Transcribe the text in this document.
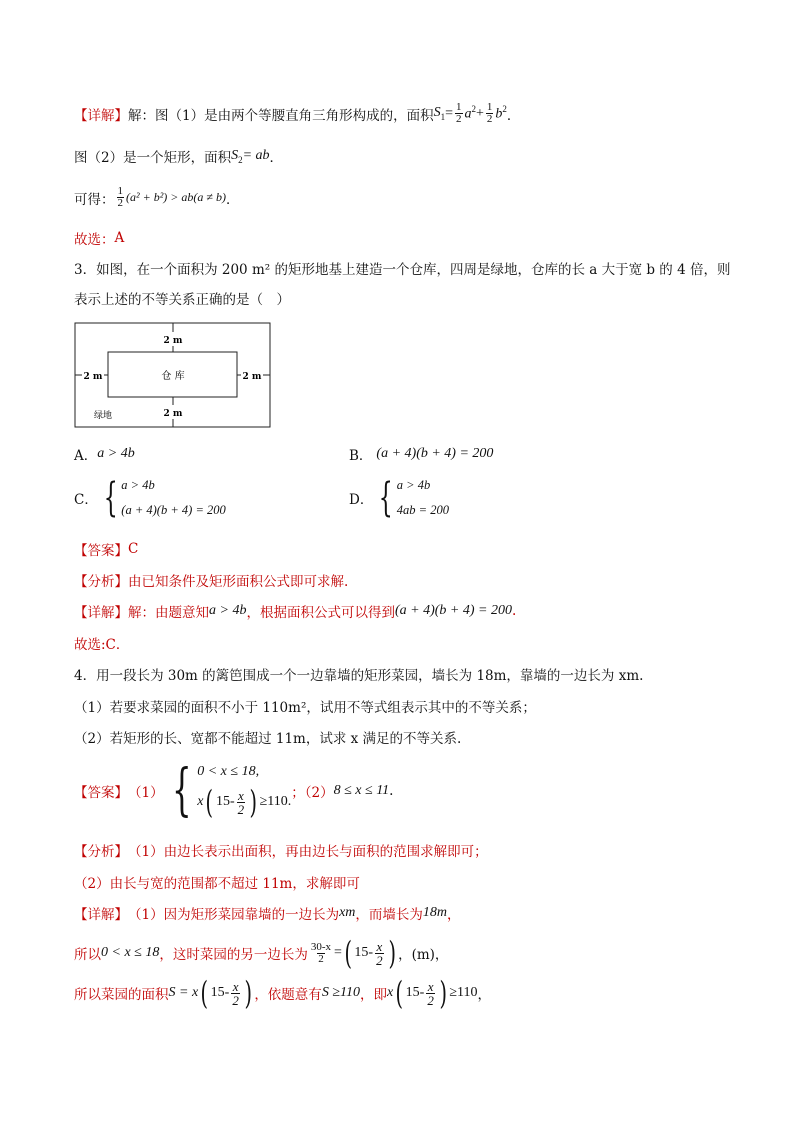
【详解】 解：图（1）是由两个等腰直角三角形构成的，面积 $S_1 = \frac{1}{2} a^2 + \frac{1}{2} b^2$ ．
图（2）是一个矩形，面积 $S_2$ = ab ．
可得： $\frac{1}{2} (a^2 + b^2) > ab(a \ne b)$ ．
故选： A
3．如图，在一个面积为 200 m² 的矩形地基上建造一个仓库，四周是绿地，仓库的长 a 大于宽 b 的 4 倍，则
表示上述的不等关系正确的是（　）
2 m
2 m	2 m
2 m
仓 库
绿地
A． a > 4b	B． (a + 4)(b + 4) = 200
C． { a > 4b
(a + 4)(b + 4) = 200
D． { a > 4b
4ab = 200
【答案】 C
【分析】 由已知条件及矩形面积公式即可求解.
【详解】 解：由题意知 a > 4b ，根据面积公式可以得到 (a + 4)(b + 4) = 200 .
故选:C．
4．用一段长为 30m 的篱笆围成一个一边靠墙的矩形菜园，墙长为 18m，靠墙的一边长为 xm.
（1）若要求菜园的面积不小于 110m²，试用不等式组表示其中的不等关系；
（2）若矩形的长、宽都不能超过 11m，试求 x 满足的不等关系.
【答案】 （1） { 0 < x ≤ 18,
x ( $15- \frac{x}{2}$ ) ≥110.
；（2） 8 ≤ x ≤ 11 .
【分析】 （1）由边长表示出面积，再由边长与面积的范围求解即可；
（2）由长与宽的范围都不超过 11m，求解即可
【详解】 （1）因为矩形菜园靠墙的一边长为 xm ，而墙长为 18m ，
所以 0 < x ≤ 18 ，这时菜园的另一边长为 $\frac{30-x}{2}$ = ( $15- \frac{x}{2}$ ) ，(m)，
所以菜园的面积 S = x ( $15- \frac{x}{2}$ ) ，依题意有 S ≥110 ，即 x ( $15- \frac{x}{2}$ ) ≥110 ，
